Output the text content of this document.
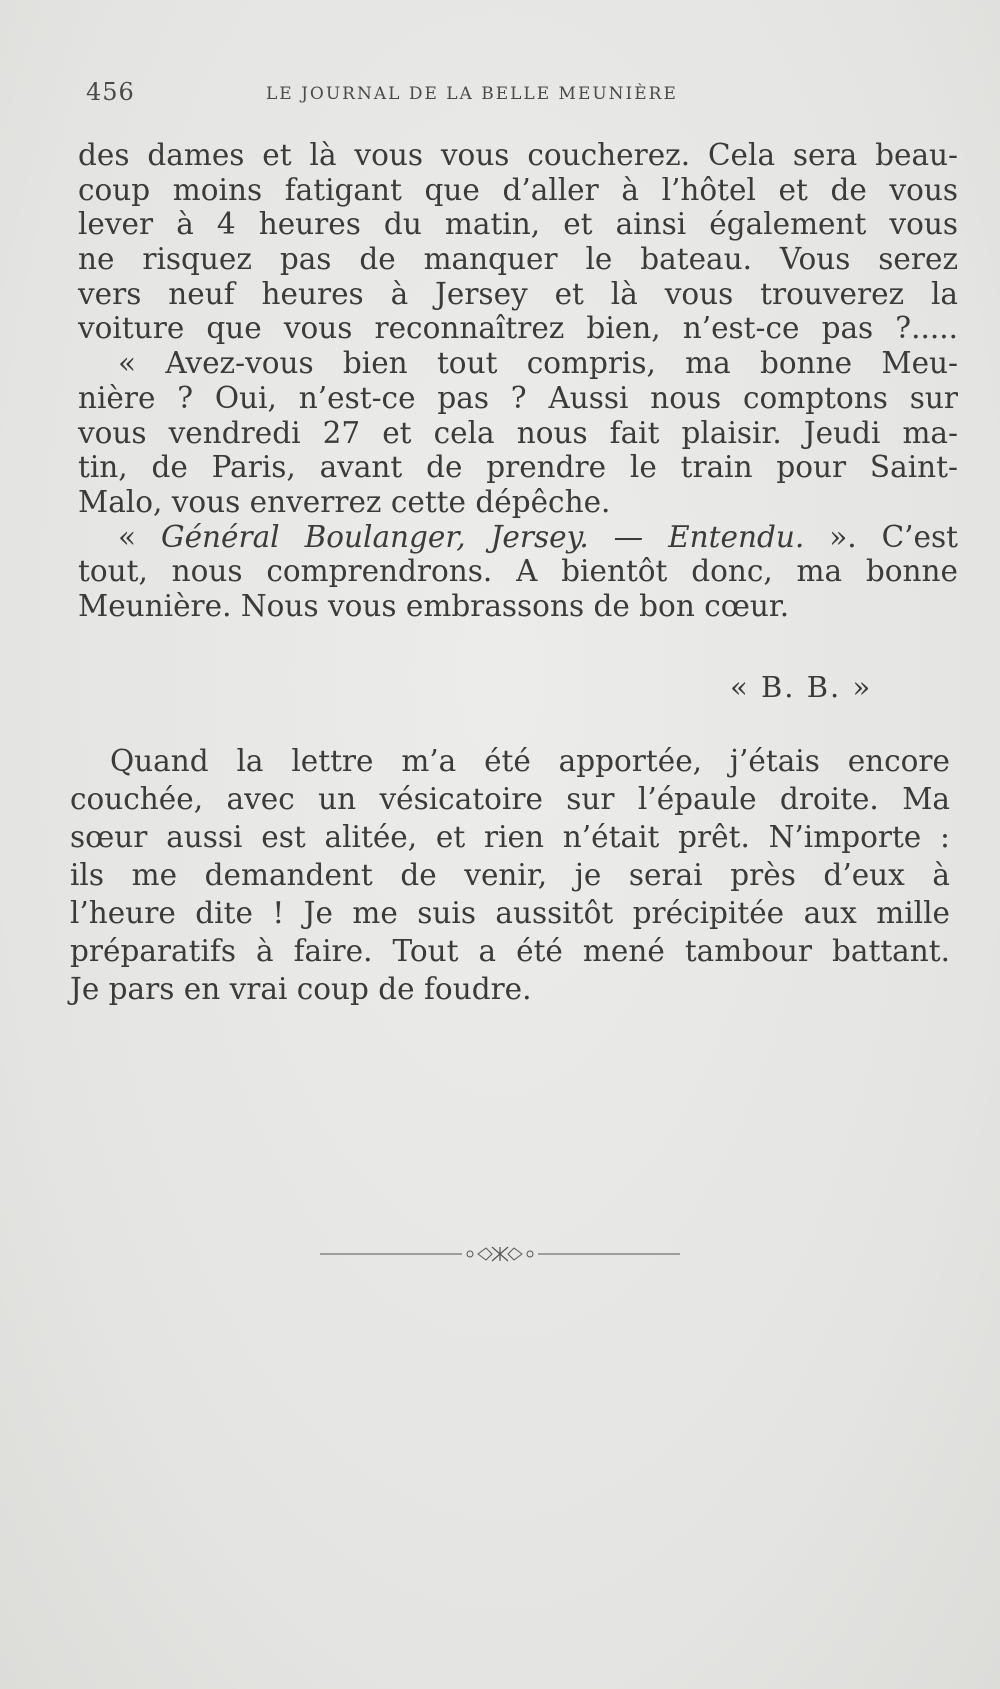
456	LE JOURNAL DE LA BELLE MEUNIÈRE
des dames et là vous vous coucherez. Cela sera beau-
coup moins fatigant que d’aller à l’hôtel et de vous
lever à 4 heures du matin, et ainsi également vous
ne risquez pas de manquer le bateau. Vous serez
vers neuf heures à Jersey et là vous trouverez la
voiture que vous reconnaîtrez bien, n’est-ce pas ?.....
« Avez-vous bien tout compris, ma bonne Meu-
nière ? Oui, n’est-ce pas ? Aussi nous comptons sur
vous vendredi 27 et cela nous fait plaisir. Jeudi ma-
tin, de Paris, avant de prendre le train pour Saint-
Malo, vous enverrez cette dépêche.
« Général Boulanger, Jersey. — Entendu. ». C’est
tout, nous comprendrons. A bientôt donc, ma bonne
Meunière. Nous vous embrassons de bon cœur.
« B. B. »
Quand la lettre m’a été apportée, j’étais encore
couchée, avec un vésicatoire sur l’épaule droite. Ma
sœur aussi est alitée, et rien n’était prêt. N’importe :
ils me demandent de venir, je serai près d’eux à
l’heure dite ! Je me suis aussitôt précipitée aux mille
préparatifs à faire. Tout a été mené tambour battant.
Je pars en vrai coup de foudre.
